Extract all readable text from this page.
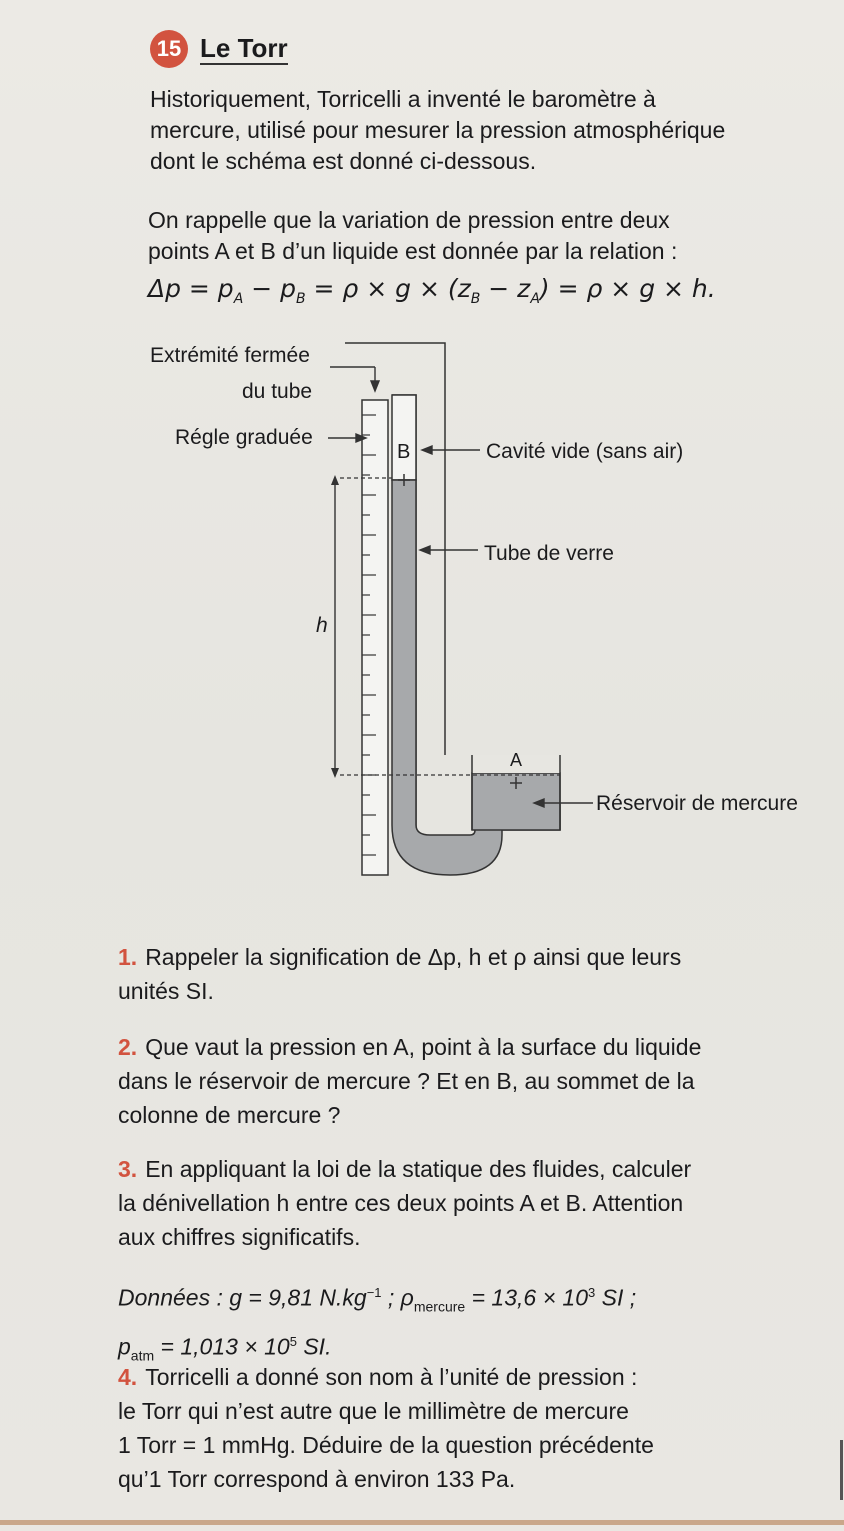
15 Le Torr
Historiquement, Torricelli a inventé le baromètre à
mercure, utilisé pour mesurer la pression atmosphérique
dont le schéma est donné ci-dessous.
On rappelle que la variation de pression entre deux
points A et B d’un liquide est donnée par la relation :
$\Delta p = p_A - p_B = \rho \times g \times (z_B - z_A) = \rho \times g \times h$.
Extrémité fermée
du tube
Régle graduée
B	Cavité vide (sans air)
Tube de verre
h
A
Réservoir de mercure
1. Rappeler la signification de Δp, h et ρ ainsi que leurs
unités SI.
2. Que vaut la pression en A, point à la surface du liquide
dans le réservoir de mercure ? Et en B, au sommet de la
colonne de mercure ?
3. En appliquant la loi de la statique des fluides, calculer
la dénivellation h entre ces deux points A et B. Attention
aux chiffres significatifs.
Données : g = 9,81 $N.kg^{-1}$ ; $\rho_{mercure} = 13,6 \times 10^3$ SI ;
$p_{atm} = 1,013 \times 10^5$ SI.
4. Torricelli a donné son nom à l’unité de pression :
le Torr qui n’est autre que le millimètre de mercure
1 Torr = 1 mmHg. Déduire de la question précédente
qu’1 Torr correspond à environ 133 Pa.
